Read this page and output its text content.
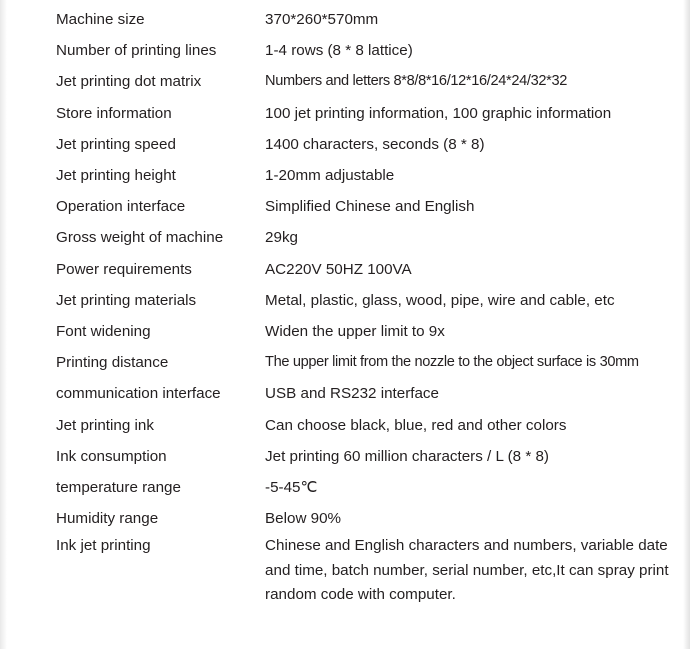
Machine size	370*260*570mm
Number of printing lines	1-4 rows (8 * 8 lattice)
Jet printing dot matrix	Numbers and letters 8*8/8*16/12*16/24*24/32*32
Store information	100 jet printing information, 100 graphic information
Jet printing speed	1400 characters, seconds (8 * 8)
Jet printing height	1-20mm adjustable
Operation interface	Simplified Chinese and English
Gross weight of machine	29kg
Power requirements	AC220V 50HZ 100VA
Jet printing materials	Metal, plastic, glass, wood, pipe, wire and cable, etc
Font widening	Widen the upper limit to 9x
Printing distance	The upper limit from the nozzle to the object surface is 30mm
communication interface	USB and RS232 interface
Jet printing ink	Can choose black, blue, red and other colors
Ink consumption	Jet printing 60 million characters / L (8 * 8)
temperature range	-5-45℃
Humidity range	Below 90%
Ink jet printing	Chinese and English characters and numbers, variable date and time, batch number, serial number, etc,It can spray print random code with computer.
